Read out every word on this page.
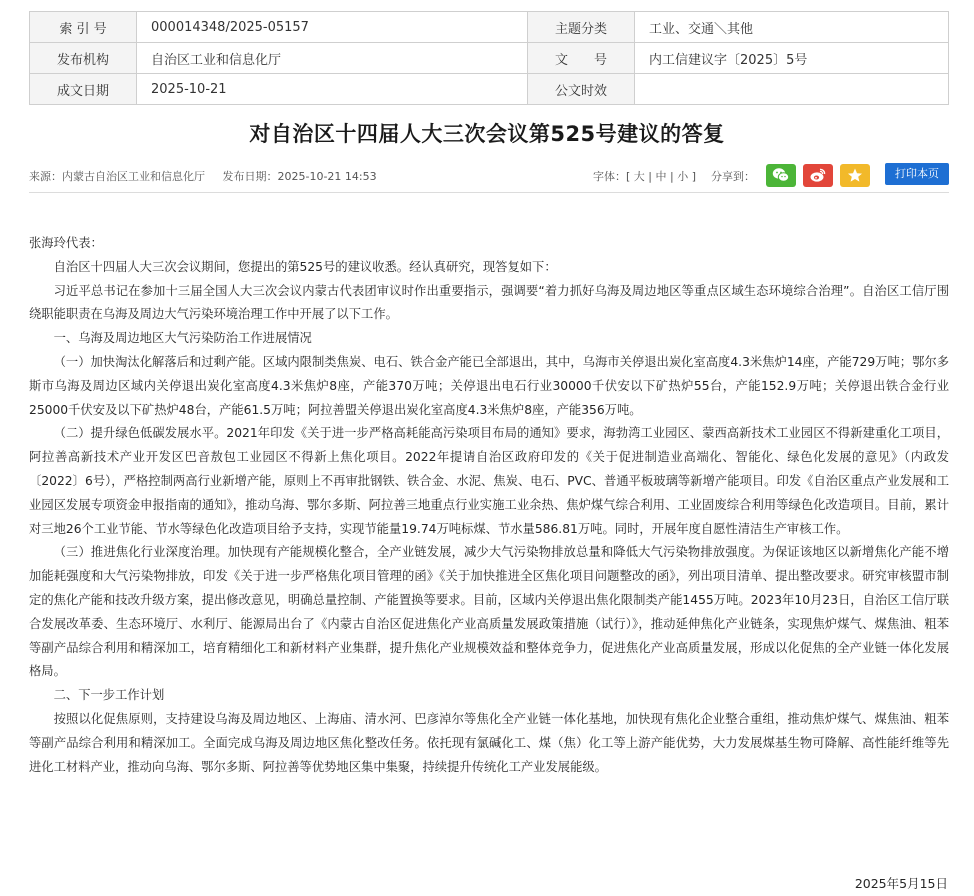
索 引 号	000014348/2025-05157	主题分类	工业、交通＼其他
发布机构	自治区工业和信息化厅	文　　号	内工信建议字〔2025〕5号
成文日期	2025-10-21	公文时效	
对自治区十四届人大三次会议第525号建议的答复
来源：内蒙古自治区工业和信息化厅 发布日期：2025-10-21 14:53	字体：[ 大 | 中 | 小 ] 分享到：	打印本页

张海玲代表：

自治区十四届人大三次会议期间，您提出的第525号的建议收悉。经认真研究，现答复如下：

习近平总书记在参加十三届全国人大三次会议内蒙古代表团审议时作出重要指示，强调要“着力抓好乌海及周边地区等重点区域生态环境综合治理”。自治区工信厅围绕职能职责在乌海及周边大气污染环境治理工作中开展了以下工作。

一、乌海及周边地区大气污染防治工作进展情况

（一）加快淘汰化解落后和过剩产能。区域内限制类焦炭、电石、铁合金产能已全部退出，其中，乌海市关停退出炭化室高度4.3米焦炉14座，产能729万吨；鄂尔多斯市乌海及周边区域内关停退出炭化室高度4.3米焦炉8座，产能370万吨；关停退出电石行业30000千伏安以下矿热炉55台，产能152.9万吨；关停退出铁合金行业25000千伏安及以下矿热炉48台，产能61.5万吨；阿拉善盟关停退出炭化室高度4.3米焦炉8座，产能356万吨。

（二）提升绿色低碳发展水平。2021年印发《关于进一步严格高耗能高污染项目布局的通知》要求，海勃湾工业园区、蒙西高新技术工业园区不得新建重化工项目，阿拉善高新技术产业开发区巴音敖包工业园区不得新上焦化项目。2022年提请自治区政府印发的《关于促进制造业高端化、智能化、绿色化发展的意见》（内政发〔2022〕6号），严格控制两高行业新增产能，原则上不再审批钢铁、铁合金、水泥、焦炭、电石、PVC、普通平板玻璃等新增产能项目。印发《自治区重点产业发展和工业园区发展专项资金申报指南的通知》，推动乌海、鄂尔多斯、阿拉善三地重点行业实施工业余热、焦炉煤气综合利用、工业固废综合利用等绿色化改造项目。目前，累计对三地26个工业节能、节水等绿色化改造项目给予支持，实现节能量19.74万吨标煤、节水量586.81万吨。同时，开展年度自愿性清洁生产审核工作。

（三）推进焦化行业深度治理。加快现有产能规模化整合，全产业链发展，减少大气污染物排放总量和降低大气污染物排放强度。为保证该地区以新增焦化产能不增加能耗强度和大气污染物排放，印发《关于进一步严格焦化项目管理的函》《关于加快推进全区焦化项目问题整改的函》，列出项目清单、提出整改要求。研究审核盟市制定的焦化产能和技改升级方案，提出修改意见，明确总量控制、产能置换等要求。目前，区域内关停退出焦化限制类产能1455万吨。2023年10月23日，自治区工信厅联合发展改革委、生态环境厅、水利厅、能源局出台了《内蒙古自治区促进焦化产业高质量发展政策措施（试行）》，推动延伸焦化产业链条，实现焦炉煤气、煤焦油、粗苯等副产品综合利用和精深加工，培育精细化工和新材料产业集群，提升焦化产业规模效益和整体竞争力，促进焦化产业高质量发展，形成以化促焦的全产业链一体化发展格局。

二、下一步工作计划

按照以化促焦原则，支持建设乌海及周边地区、上海庙、清水河、巴彦淖尔等焦化全产业链一体化基地，加快现有焦化企业整合重组，推动焦炉煤气、煤焦油、粗苯等副产品综合利用和精深加工。全面完成乌海及周边地区焦化整改任务。依托现有氯碱化工、煤（焦）化工等上游产能优势，大力发展煤基生物可降解、高性能纤维等先进化工材料产业，推动向乌海、鄂尔多斯、阿拉善等优势地区集中集聚，持续提升传统化工产业发展能级。

2025年5月15日
